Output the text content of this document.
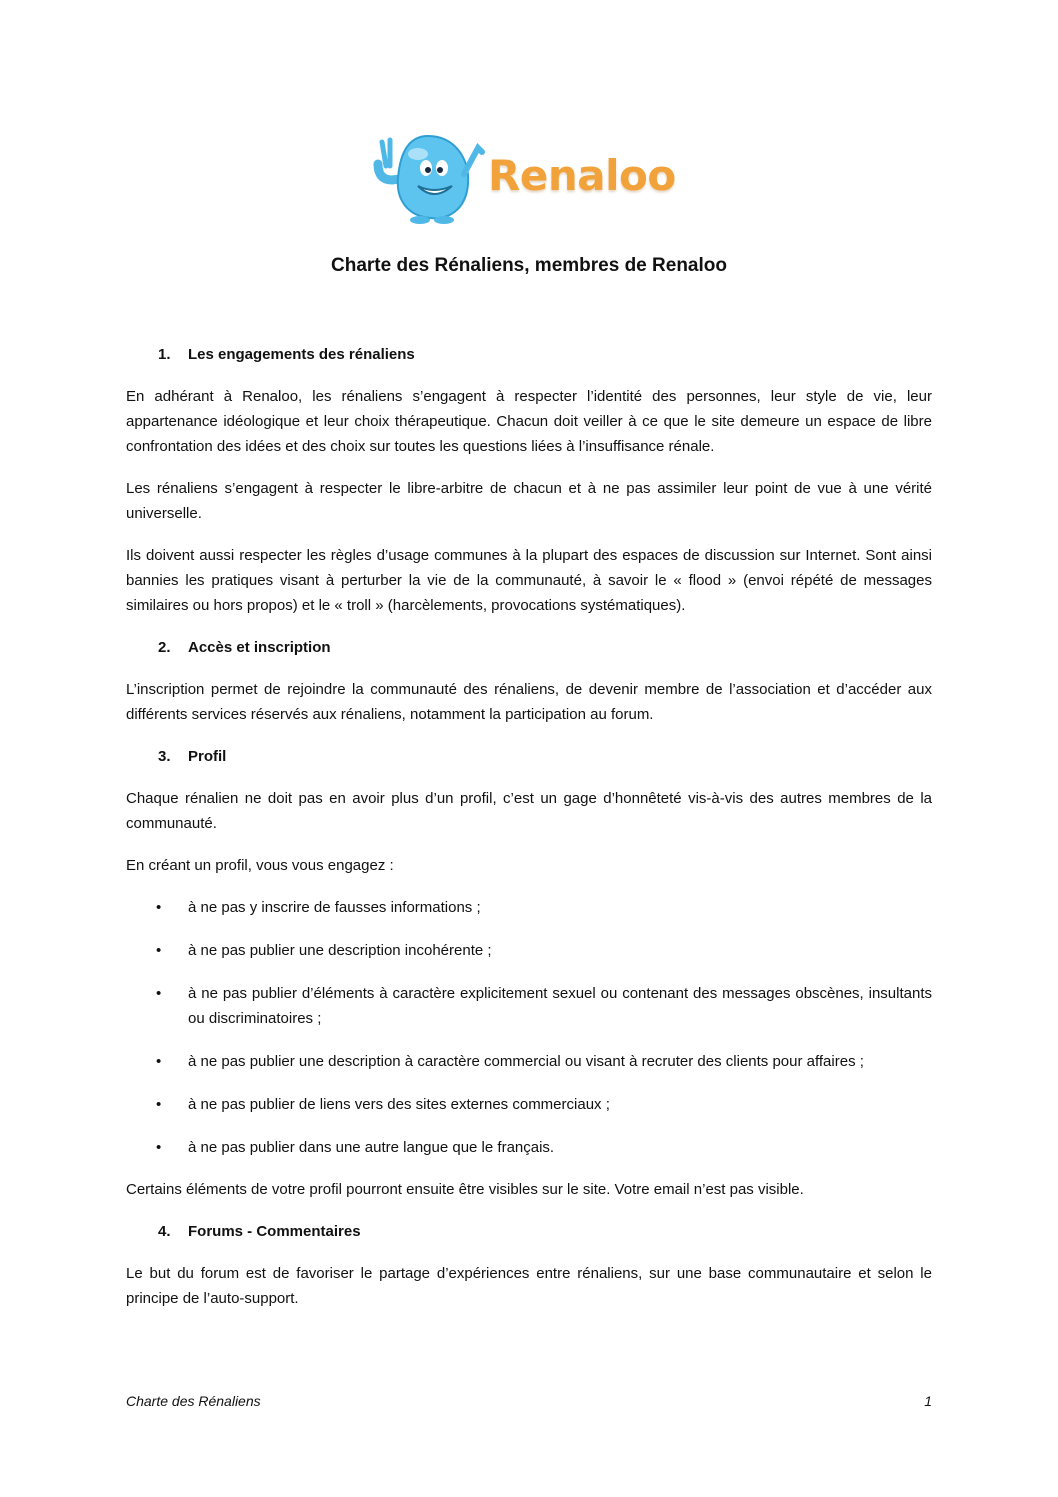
Renaloo
Charte des Rénaliens, membres de Renaloo
1.	Les engagements des rénaliens

En adhérant à Renaloo, les rénaliens s’engagent à respecter l’identité des personnes, leur style de vie, leur appartenance idéologique et leur choix thérapeutique. Chacun doit veiller à ce que le site demeure un espace de libre confrontation des idées et des choix sur toutes les questions liées à l’insuffisance rénale.

Les rénaliens s’engagent à respecter le libre-arbitre de chacun et à ne pas assimiler leur point de vue à une vérité universelle.

Ils doivent aussi respecter les règles d’usage communes à la plupart des espaces de discussion sur Internet. Sont ainsi bannies les pratiques visant à perturber la vie de la communauté, à savoir le « flood » (envoi répété de messages similaires ou hors propos) et le « troll » (harcèlements, provocations systématiques).

2.	Accès et inscription

L’inscription permet de rejoindre la communauté des rénaliens, de devenir membre de l’association et d’accéder aux différents services réservés aux rénaliens, notamment la participation au forum.

3.	Profil

Chaque rénalien ne doit pas en avoir plus d’un profil, c’est un gage d’honnêteté vis-à-vis des autres membres de la communauté.

En créant un profil, vous vous engagez :

• à ne pas y inscrire de fausses informations ;
• à ne pas publier une description incohérente ;
• à ne pas publier d’éléments à caractère explicitement sexuel ou contenant des messages obscènes, insultants ou discriminatoires ;
• à ne pas publier une description à caractère commercial ou visant à recruter des clients pour affaires ;
• à ne pas publier de liens vers des sites externes commerciaux ;
• à ne pas publier dans une autre langue que le français.

Certains éléments de votre profil pourront ensuite être visibles sur le site. Votre email n’est pas visible.

4.	Forums - Commentaires

Le but du forum est de favoriser le partage d’expériences entre rénaliens, sur une base communautaire et selon le principe de l’auto-support.

Charte des Rénaliens	1
